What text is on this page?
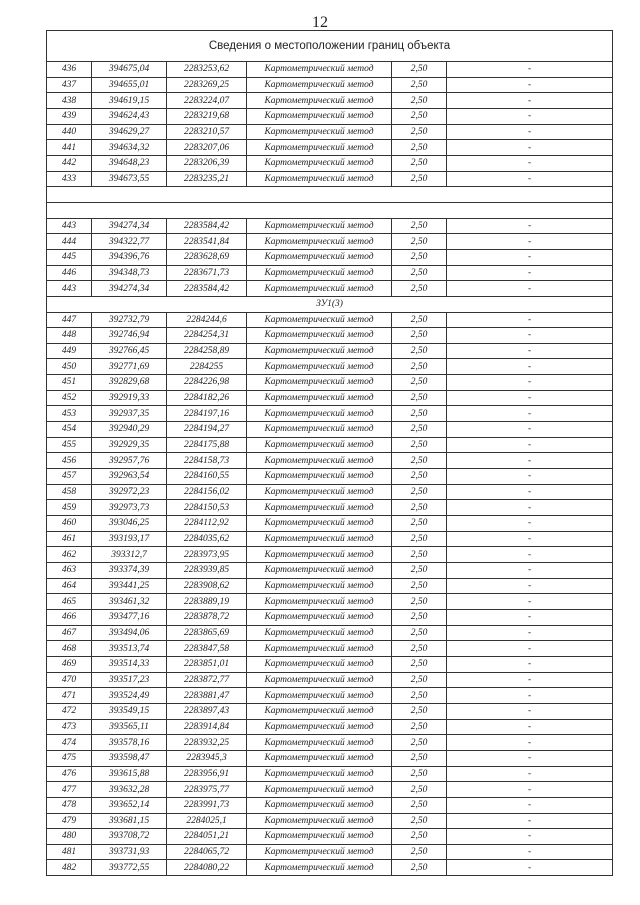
12
Сведения о местоположении границ объекта					
436	394675,04	2283253,62	Картометрический метод	2,50	-
437	394655,01	2283269,25	Картометрический метод	2,50	-
438	394619,15	2283224,07	Картометрический метод	2,50	-
439	394624,43	2283219,68	Картометрический метод	2,50	-
440	394629,27	2283210,57	Картометрический метод	2,50	-
441	394634,32	2283207,06	Картометрический метод	2,50	-
442	394648,23	2283206,39	Картометрический метод	2,50	-
433	394673,55	2283235,21	Картометрический метод	2,50	-

443	394274,34	2283584,42	Картометрический метод	2,50	-
444	394322,77	2283541,84	Картометрический метод	2,50	-
445	394396,76	2283628,69	Картометрический метод	2,50	-
446	394348,73	2283671,73	Картометрический метод	2,50	-
443	394274,34	2283584,42	Картометрический метод	2,50	-
ЗУ1(3)					
447	392732,79	2284244,6	Картометрический метод	2,50	-
448	392746,94	2284254,31	Картометрический метод	2,50	-
449	392766,45	2284258,89	Картометрический метод	2,50	-
450	392771,69	2284255	Картометрический метод	2,50	-
451	392829,68	2284226,98	Картометрический метод	2,50	-
452	392919,33	2284182,26	Картометрический метод	2,50	-
453	392937,35	2284197,16	Картометрический метод	2,50	-
454	392940,29	2284194,27	Картометрический метод	2,50	-
455	392929,35	2284175,88	Картометрический метод	2,50	-
456	392957,76	2284158,73	Картометрический метод	2,50	-
457	392963,54	2284160,55	Картометрический метод	2,50	-
458	392972,23	2284156,02	Картометрический метод	2,50	-
459	392973,73	2284150,53	Картометрический метод	2,50	-
460	393046,25	2284112,92	Картометрический метод	2,50	-
461	393193,17	2284035,62	Картометрический метод	2,50	-
462	393312,7	2283973,95	Картометрический метод	2,50	-
463	393374,39	2283939,85	Картометрический метод	2,50	-
464	393441,25	2283908,62	Картометрический метод	2,50	-
465	393461,32	2283889,19	Картометрический метод	2,50	-
466	393477,16	2283878,72	Картометрический метод	2,50	-
467	393494,06	2283865,69	Картометрический метод	2,50	-
468	393513,74	2283847,58	Картометрический метод	2,50	-
469	393514,33	2283851,01	Картометрический метод	2,50	-
470	393517,23	2283872,77	Картометрический метод	2,50	-
471	393524,49	2283881,47	Картометрический метод	2,50	-
472	393549,15	2283897,43	Картометрический метод	2,50	-
473	393565,11	2283914,84	Картометрический метод	2,50	-
474	393578,16	2283932,25	Картометрический метод	2,50	-
475	393598,47	2283945,3	Картометрический метод	2,50	-
476	393615,88	2283956,91	Картометрический метод	2,50	-
477	393632,28	2283975,77	Картометрический метод	2,50	-
478	393652,14	2283991,73	Картометрический метод	2,50	-
479	393681,15	2284025,1	Картометрический метод	2,50	-
480	393708,72	2284051,21	Картометрический метод	2,50	-
481	393731,93	2284065,72	Картометрический метод	2,50	-
482	393772,55	2284080,22	Картометрический метод	2,50	-
